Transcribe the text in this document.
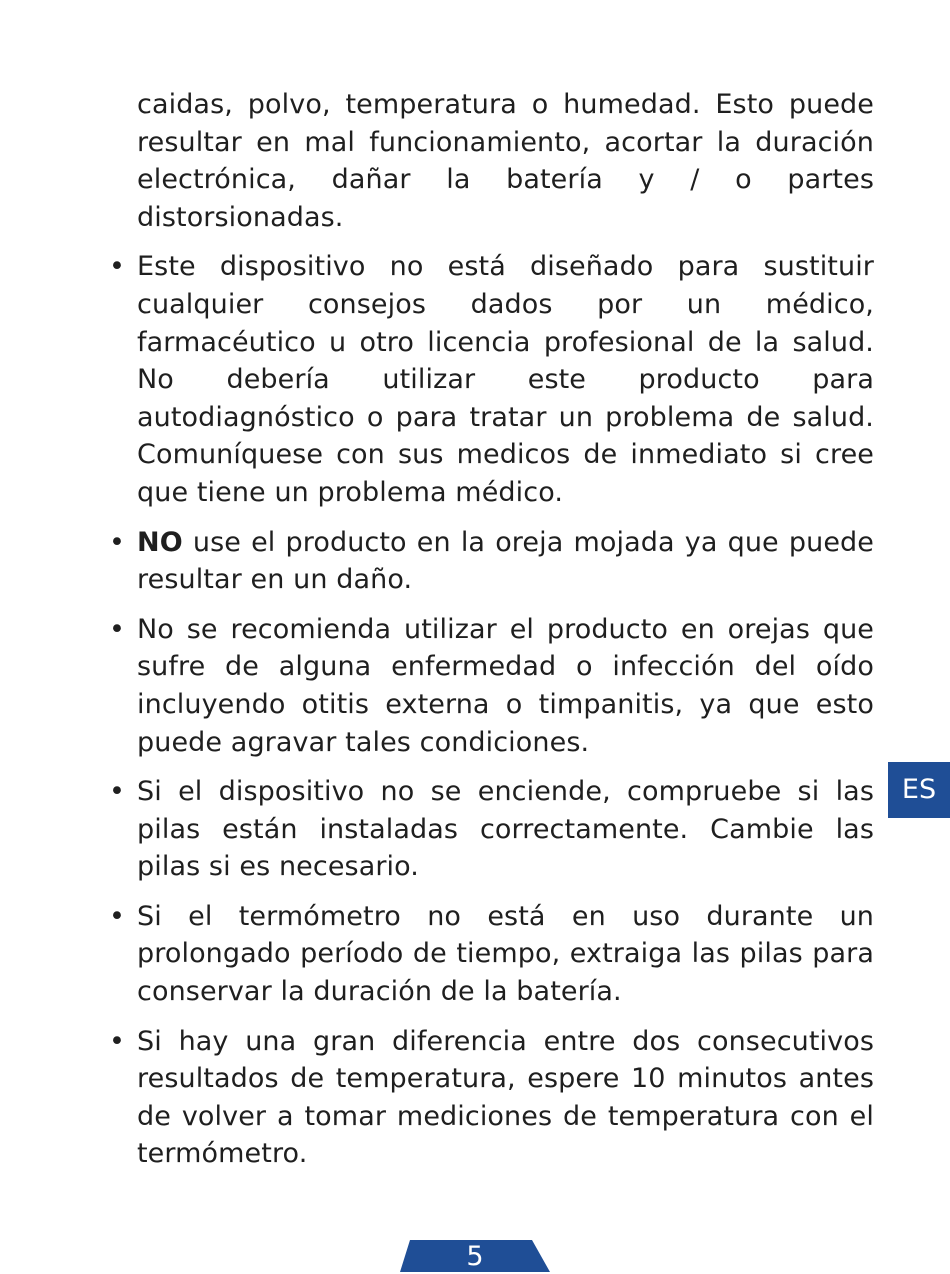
caidas, polvo, temperatura o humedad. Esto puede resultar en mal funcionamiento, acortar la duración electrónica, dañar la batería y / o partes distorsionadas.

• Este dispositivo no está diseñado para sustituir cualquier consejos dados por un médico, farmacéutico u otro licencia profesional de la salud. No debería utilizar este producto para autodiagnóstico o para tratar un problema de salud. Comuníquese con sus medicos de inmediato si cree que tiene un problema médico.
• NO use el producto en la oreja mojada ya que puede resultar en un daño.
• No se recomienda utilizar el producto en orejas que sufre de alguna enfermedad o infección del oído incluyendo otitis externa o timpanitis, ya que esto puede agravar tales condiciones.
• Si el dispositivo no se enciende, compruebe si las pilas están instaladas correctamente. Cambie las pilas si es necesario.
• Si el termómetro no está en uso durante un prolongado período de tiempo, extraiga las pilas para conservar la duración de la batería.
• Si hay una gran diferencia entre dos consecutivos resultados de temperatura, espere 10 minutos antes de volver a tomar mediciones de temperatura con el termómetro.
ES
5
